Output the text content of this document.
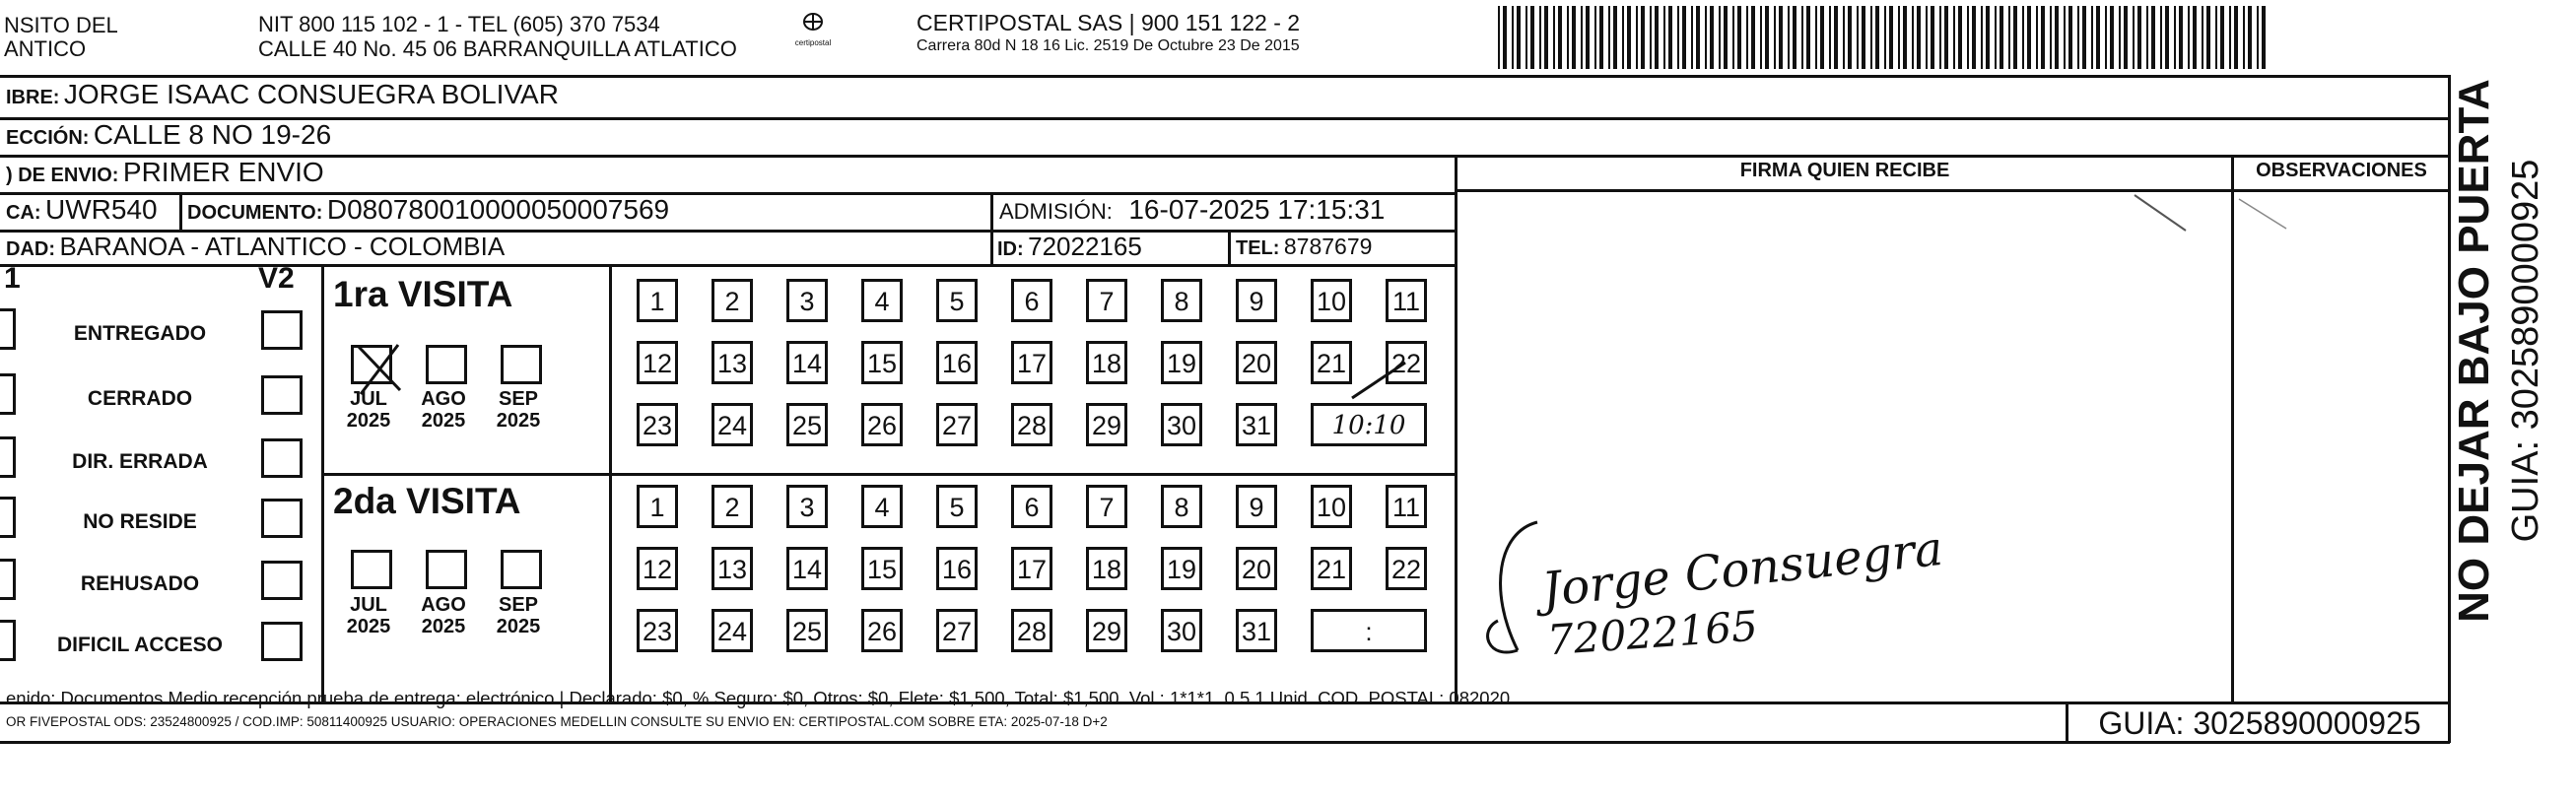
NSITO DEL
ANTICO
NIT 800 115 102 - 1 - TEL (605) 370 7534
CALLE 40 No. 45 06 BARRANQUILLA ATLATICO	certipostal
CERTIPOSTAL SAS | 900 151 122 - 2
Carrera 80d N 18 16 Lic. 2519 De Octubre 23 De 2015
IBRE: JORGE ISAAC CONSUEGRA BOLIVAR
ECCIÓN: CALLE 8 NO 19-26
) DE ENVIO: PRIMER ENVIO	FIRMA QUIEN RECIBE	OBSERVACIONES
CA: UWR540 DOCUMENTO: D080780010000050007569	ADMISIÓN: 16-07-2025 17:15:31
DAD: BARANOA - ATLANTICO - COLOMBIA	ID: 72022165	TEL: 8787679
1	V2
ENTREGADO
CERRADO
DIR. ERRADA
NO RESIDE
REHUSADO
DIFICIL ACCESO
1ra VISITA
2da VISITA
JUL
2025
AGO
2025
SEP
2025
JUL
2025
AGO
2025
SEP
2025
1	2	3	4	5	6	7	8	9	10 11
12 13 14 15 16 17 18 19 20 21 22
23 24 25 26 27 28 29 30 31	10:10
1	2	3	4	5	6	7	8	9	10 11
12 13 14 15 16 17 18 19 20 21 22
23 24 25 26 27 28 29 30 31	:
Jorge Consuegra
72022165
enido: Documentos Medio recepción prueba de entrega: electrónico | Declarado: $0, % Seguro: $0, Otros: $0, Flete: $1,500, Total: $1,500. Vol.: 1*1*1. 0.5 1 Unid. COD. POSTAL: 082020
OR FIVEPOSTAL ODS: 23524800925 / COD.IMP: 50811400925 USUARIO: OPERACIONES MEDELLIN CONSULTE SU ENVIO EN: CERTIPOSTAL.COM SOBRE ETA: 2025-07-18 D+2	GUIA: 3025890000925
NO DEJAR BAJO PUERTA GUIA: 3025890000925
